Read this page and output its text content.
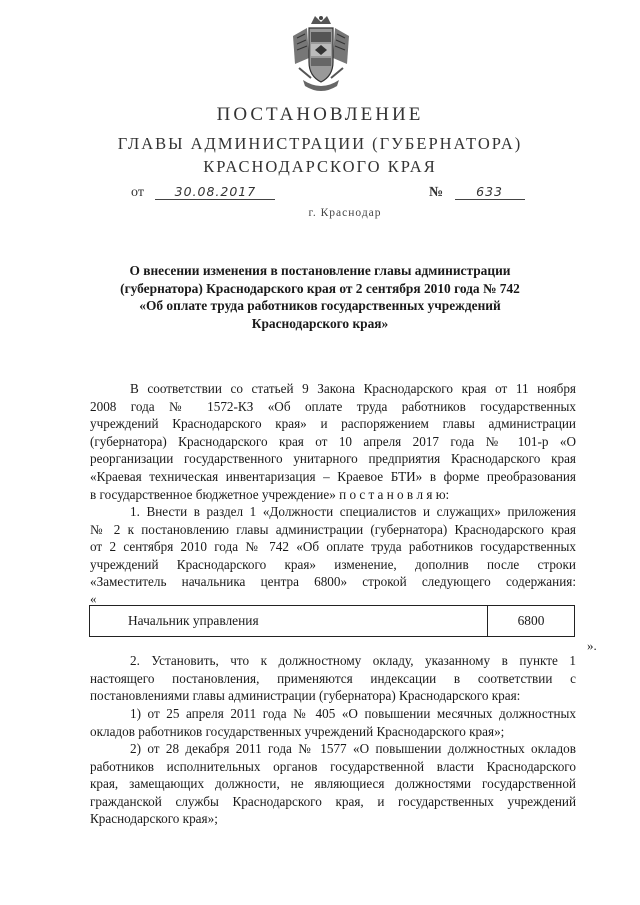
ПОСТАНОВЛЕНИЕ
ГЛАВЫ АДМИНИСТРАЦИИ (ГУБЕРНАТОРА)
КРАСНОДАРСКОГО КРАЯ
от 30.08.2017	№	633
г. Краснодар
О внесении изменения в постановление главы администрации
(губернатора) Краснодарского края от 2 сентября 2010 года № 742
«Об оплате труда работников государственных учреждений
Краснодарского края»
В соответствии со статьей 9 Закона Краснодарского края от 11 ноября
2008 года № 1572-КЗ «Об оплате труда работников государственных
учреждений Краснодарского края» и распоряжением главы администрации
(губернатора) Краснодарского края от 10 апреля 2017 года № 101-р «О
реорганизации государственного унитарного предприятия Краснодарского края
«Краевая техническая инвентаризация – Краевое БТИ» в форме преобразования
в государственное бюджетное учреждение» п о с т а н о в л я ю:
1. Внести в раздел 1 «Должности специалистов и служащих» приложения
№ 2 к постановлению главы администрации (губернатора) Краснодарского края
от 2 сентября 2010 года № 742 «Об оплате труда работников государственных
учреждений Краснодарского края» изменение, дополнив после строки
«Заместитель начальника центра 6800» строкой следующего содержания:
«
Начальник управления	6800
».
2. Установить, что к должностному окладу, указанному в пункте 1
настоящего постановления, применяются индексации в соответствии с
постановлениями главы администрации (губернатора) Краснодарского края:
1) от 25 апреля 2011 года № 405 «О повышении месячных должностных
окладов работников государственных учреждений Краснодарского края»;
2) от 28 декабря 2011 года № 1577 «О повышении должностных окладов
работников исполнительных органов государственной власти Краснодарского
края, замещающих должности, не являющиеся должностями государственной
гражданской службы Краснодарского края, и государственных учреждений
Краснодарского края»;
